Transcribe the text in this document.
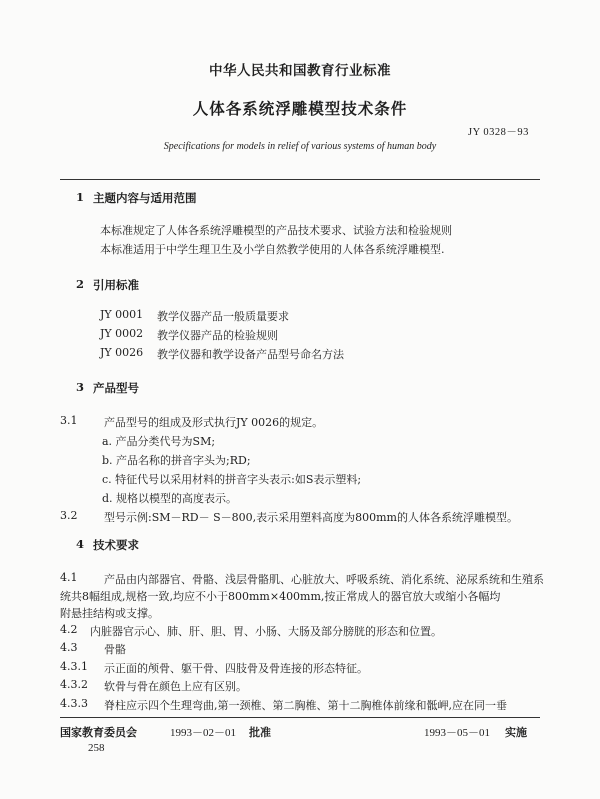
中华人民共和国教育行业标准
人体各系统浮雕模型技术条件
JY 0328－93
Specifications for models in relief of various systems of human body
1 主题内容与适用范围
本标准规定了人体各系统浮雕模型的产品技术要求、试验方法和检验规则
本标准适用于中学生理卫生及小学自然教学使用的人体各系统浮雕模型.
2 引用标准
JY 0001 教学仪器产品一般质量要求
JY 0002 教学仪器产品的检验规则
JY 0026 教学仪器和教学设备产品型号命名方法
3 产品型号
3.1 产品型号的组成及形式执行JY 0026的规定。
a. 产品分类代号为SM;
b. 产品名称的拼音字头为;RD;
c. 特征代号以采用材料的拼音字头表示:如S表示塑料;
d. 规格以模型的高度表示。
3.2 型号示例:SM－RD－ S－800,表示采用塑料高度为800mm的人体各系统浮雕模型。
4 技术要求
4.1 产品由内部器官、骨骼、浅层骨骼肌、心脏放大、呼吸系统、消化系统、泌尿系统和生殖系
统共8幅组成,规格一致,均应不小于800mm×400mm,按正常成人的器官放大或缩小各幅均
附悬挂结构或支撑。
4.2 内脏器官示心、肺、肝、胆、胃、小肠、大肠及部分膀胱的形态和位置。
4.3 骨骼
4.3.1 示正面的颅骨、躯干骨、四肢骨及骨连接的形态特征。
4.3.2 软骨与骨在颜色上应有区别。
4.3.3 脊柱应示四个生理弯曲,第一颈椎、第二胸椎、第十二胸椎体前缘和骶岬,应在同一垂
国家教育委员会	1993－02－01 批准	1993－05－01 实施
258
